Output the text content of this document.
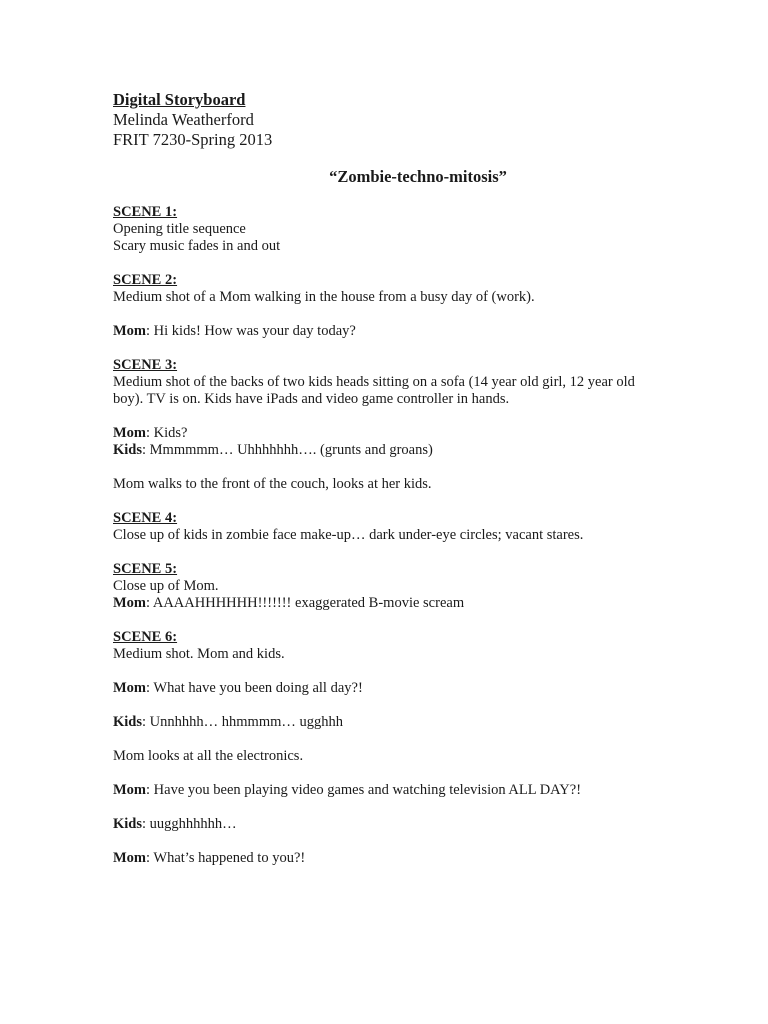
Digital Storyboard
Melinda Weatherford
FRIT 7230-Spring 2013
“Zombie-techno-mitosis”
SCENE 1:
Opening title sequence
Scary music fades in and out
SCENE 2:
Medium shot of a Mom walking in the house from a busy day of (work).
Mom: Hi kids! How was your day today?
SCENE 3:
Medium shot of the backs of two kids heads sitting on a sofa (14 year old girl, 12 year old
boy). TV is on. Kids have iPads and video game controller in hands.
Mom: Kids?
Kids: Mmmmmm… Uhhhhhhh…. (grunts and groans)
Mom walks to the front of the couch, looks at her kids.
SCENE 4:
Close up of kids in zombie face make-up… dark under-eye circles; vacant stares.
SCENE 5:
Close up of Mom.
Mom: AAAAHHHHHH!!!!!!! exaggerated B-movie scream
SCENE 6:
Medium shot. Mom and kids.
Mom: What have you been doing all day?!
Kids: Unnhhhh… hhmmmm… ugghhh
Mom looks at all the electronics.
Mom: Have you been playing video games and watching television ALL DAY?!
Kids: uugghhhhhh…
Mom: What’s happened to you?!
